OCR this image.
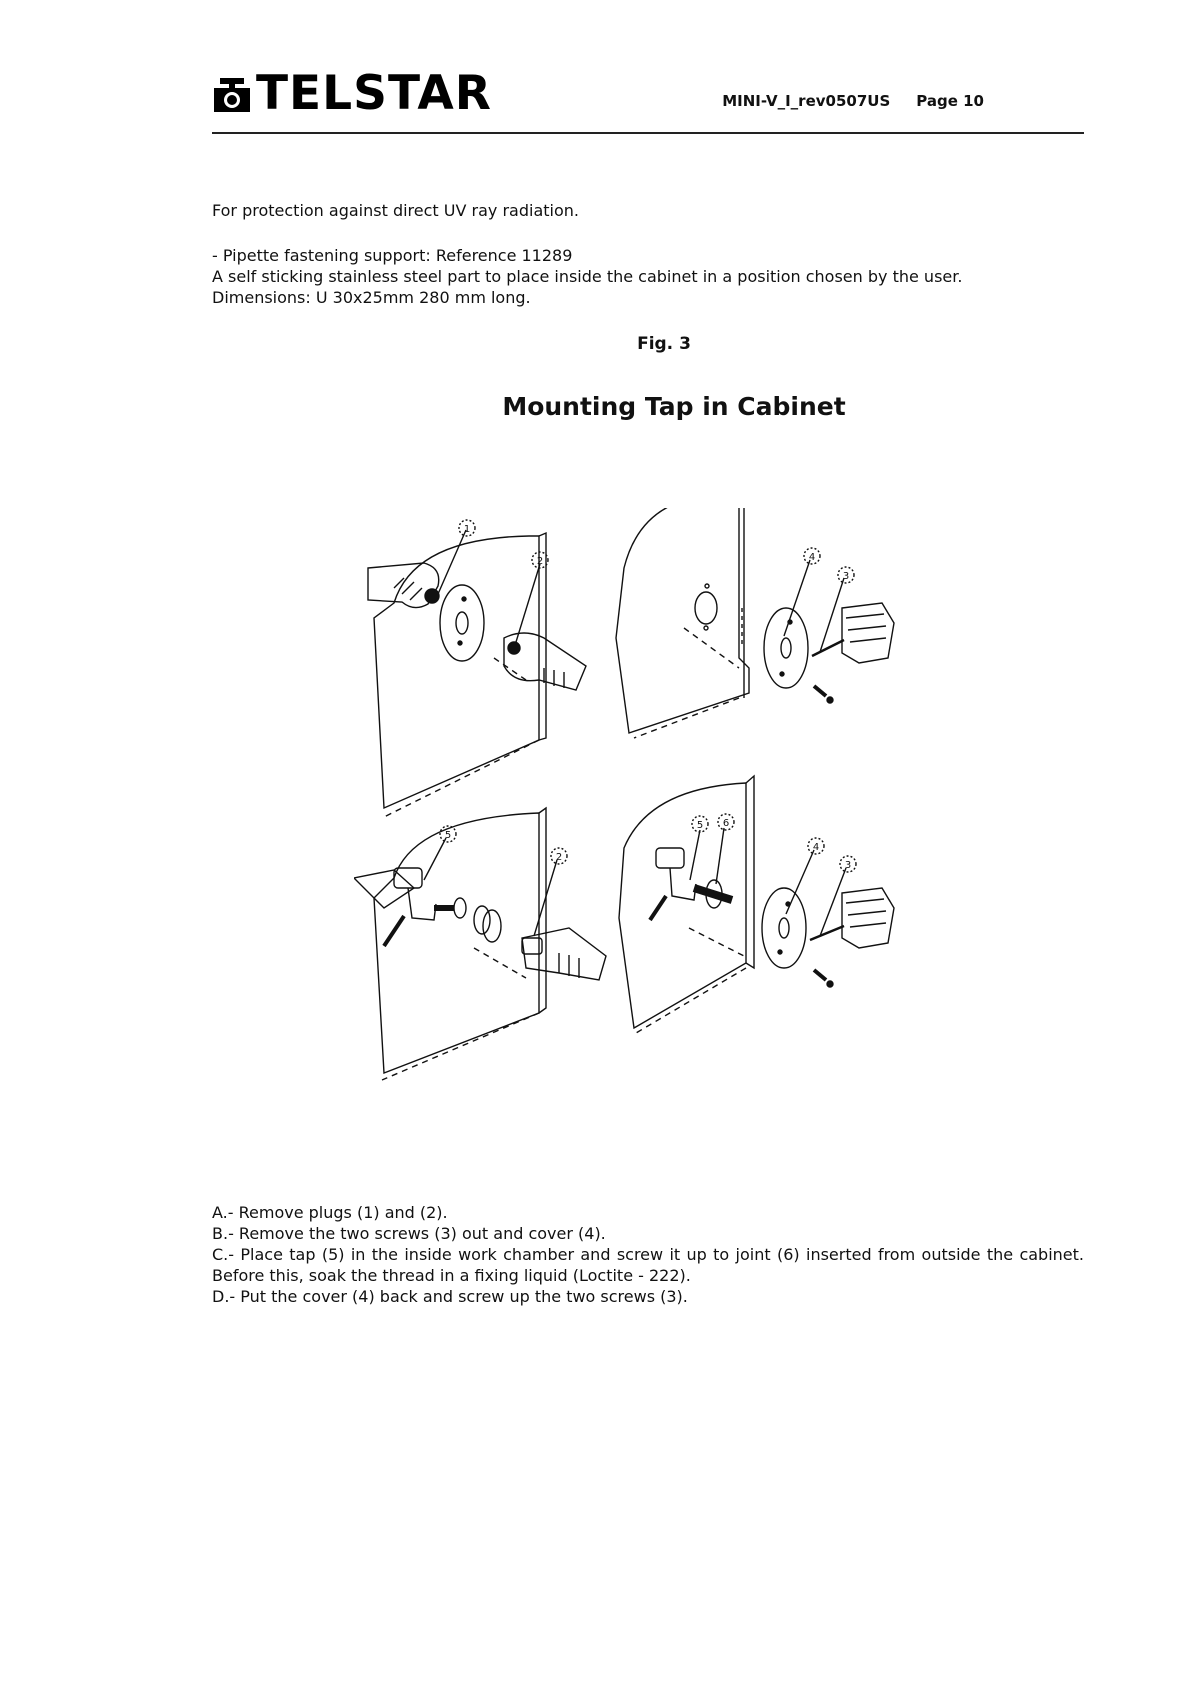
TELSTAR	MINI-V_I_rev0507US Page 10
For protection against direct UV ray radiation.
- Pipette fastening support: Reference 11289
A self sticking stainless steel part to place inside the cabinet in a position chosen by the user.
Dimensions: U 30x25mm 280 mm long.
Fig. 3
Mounting Tap in Cabinet
1
2	4
3
5
2
5 6
4
3
A.- Remove plugs (1) and (2).
B.- Remove the two screws (3) out and cover (4).
C.- Place tap (5) in the inside work chamber and screw it up to joint (6) inserted from outside the cabinet. Before this, soak the thread in a fixing liquid (Loctite - 222).
D.- Put the cover (4) back and screw up the two screws (3).
